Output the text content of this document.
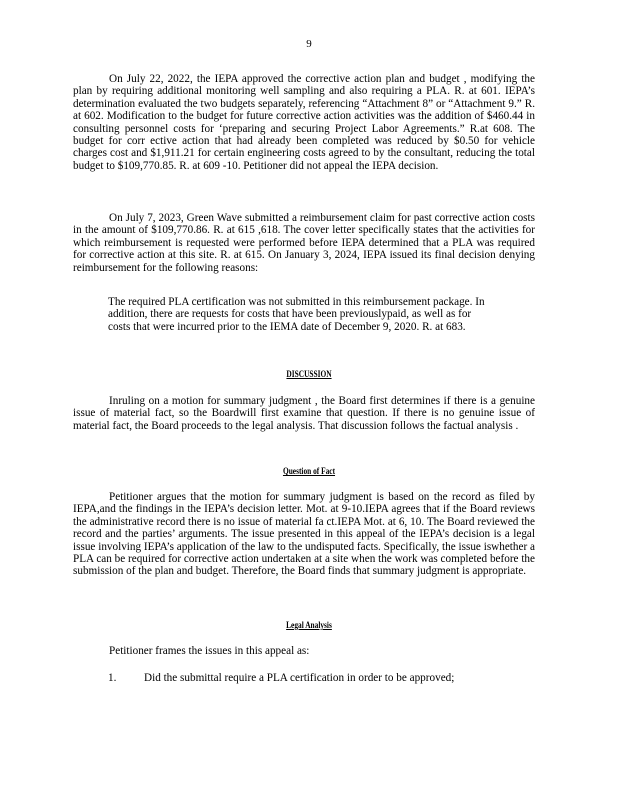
9

On July 22, 2022, the IEPA approved the corrective action plan and budget , modifying the plan by requiring additional monitoring well sampling and also requiring a PLA. R. at 601. IEPA’s determination evaluated the two budgets separately, referencing “Attachment 8” or “Attachment 9.” R. at 602. Modification to the budget for future corrective action activities was the addition of $460.44 in consulting personnel costs for ‘preparing and securing Project Labor Agreements.” R.at 608. The budget for corr ective action that had already been completed was reduced by $0.50 for vehicle charges cost and $1,911.21 for certain engineering costs agreed to by the consultant, reducing the total budget to $109,770.85. R. at 609 -10. Petitioner did not appeal the IEPA decision.

On July 7, 2023, Green Wave submitted a reimbursement claim for past corrective action costs in the amount of $109,770.86. R. at 615 ,618. The cover letter specifically states that the activities for which reimbursement is requested were performed before IEPA determined that a PLA was required for corrective action at this site. R. at 615. On January 3, 2024, IEPA issued its final decision denying reimbursement for the following reasons:

The required PLA certification was not submitted in this reimbursement package. In addition, there are requests for costs that have been previouslypaid, as well as for costs that were incurred prior to the IEMA date of December 9, 2020. R. at 683.

DISCUSSION

Inruling on a motion for summary judgment , the Board first determines if there is a genuine issue of material fact, so the Boardwill first examine that question. If there is no genuine issue of material fact, the Board proceeds to the legal analysis. That discussion follows the factual analysis .

Question of Fact

Petitioner argues that the motion for summary judgment is based on the record as filed by IEPA,and the findings in the IEPA’s decision letter. Mot. at 9-10.IEPA agrees that if the Board reviews the administrative record there is no issue of material fa ct.IEPA Mot. at 6, 10. The Board reviewed the record and the parties’ arguments. The issue presented in this appeal of the IEPA’s decision is a legal issue involving IEPA’s application of the law to the undisputed facts. Specifically, the issue iswhether a PLA can be required for corrective action undertaken at a site when the work was completed before the submission of the plan and budget. Therefore, the Board finds that summary judgment is appropriate.

Legal Analysis

Petitioner frames the issues in this appeal as:

1. Did the submittal require a PLA certification in order to be approved;
